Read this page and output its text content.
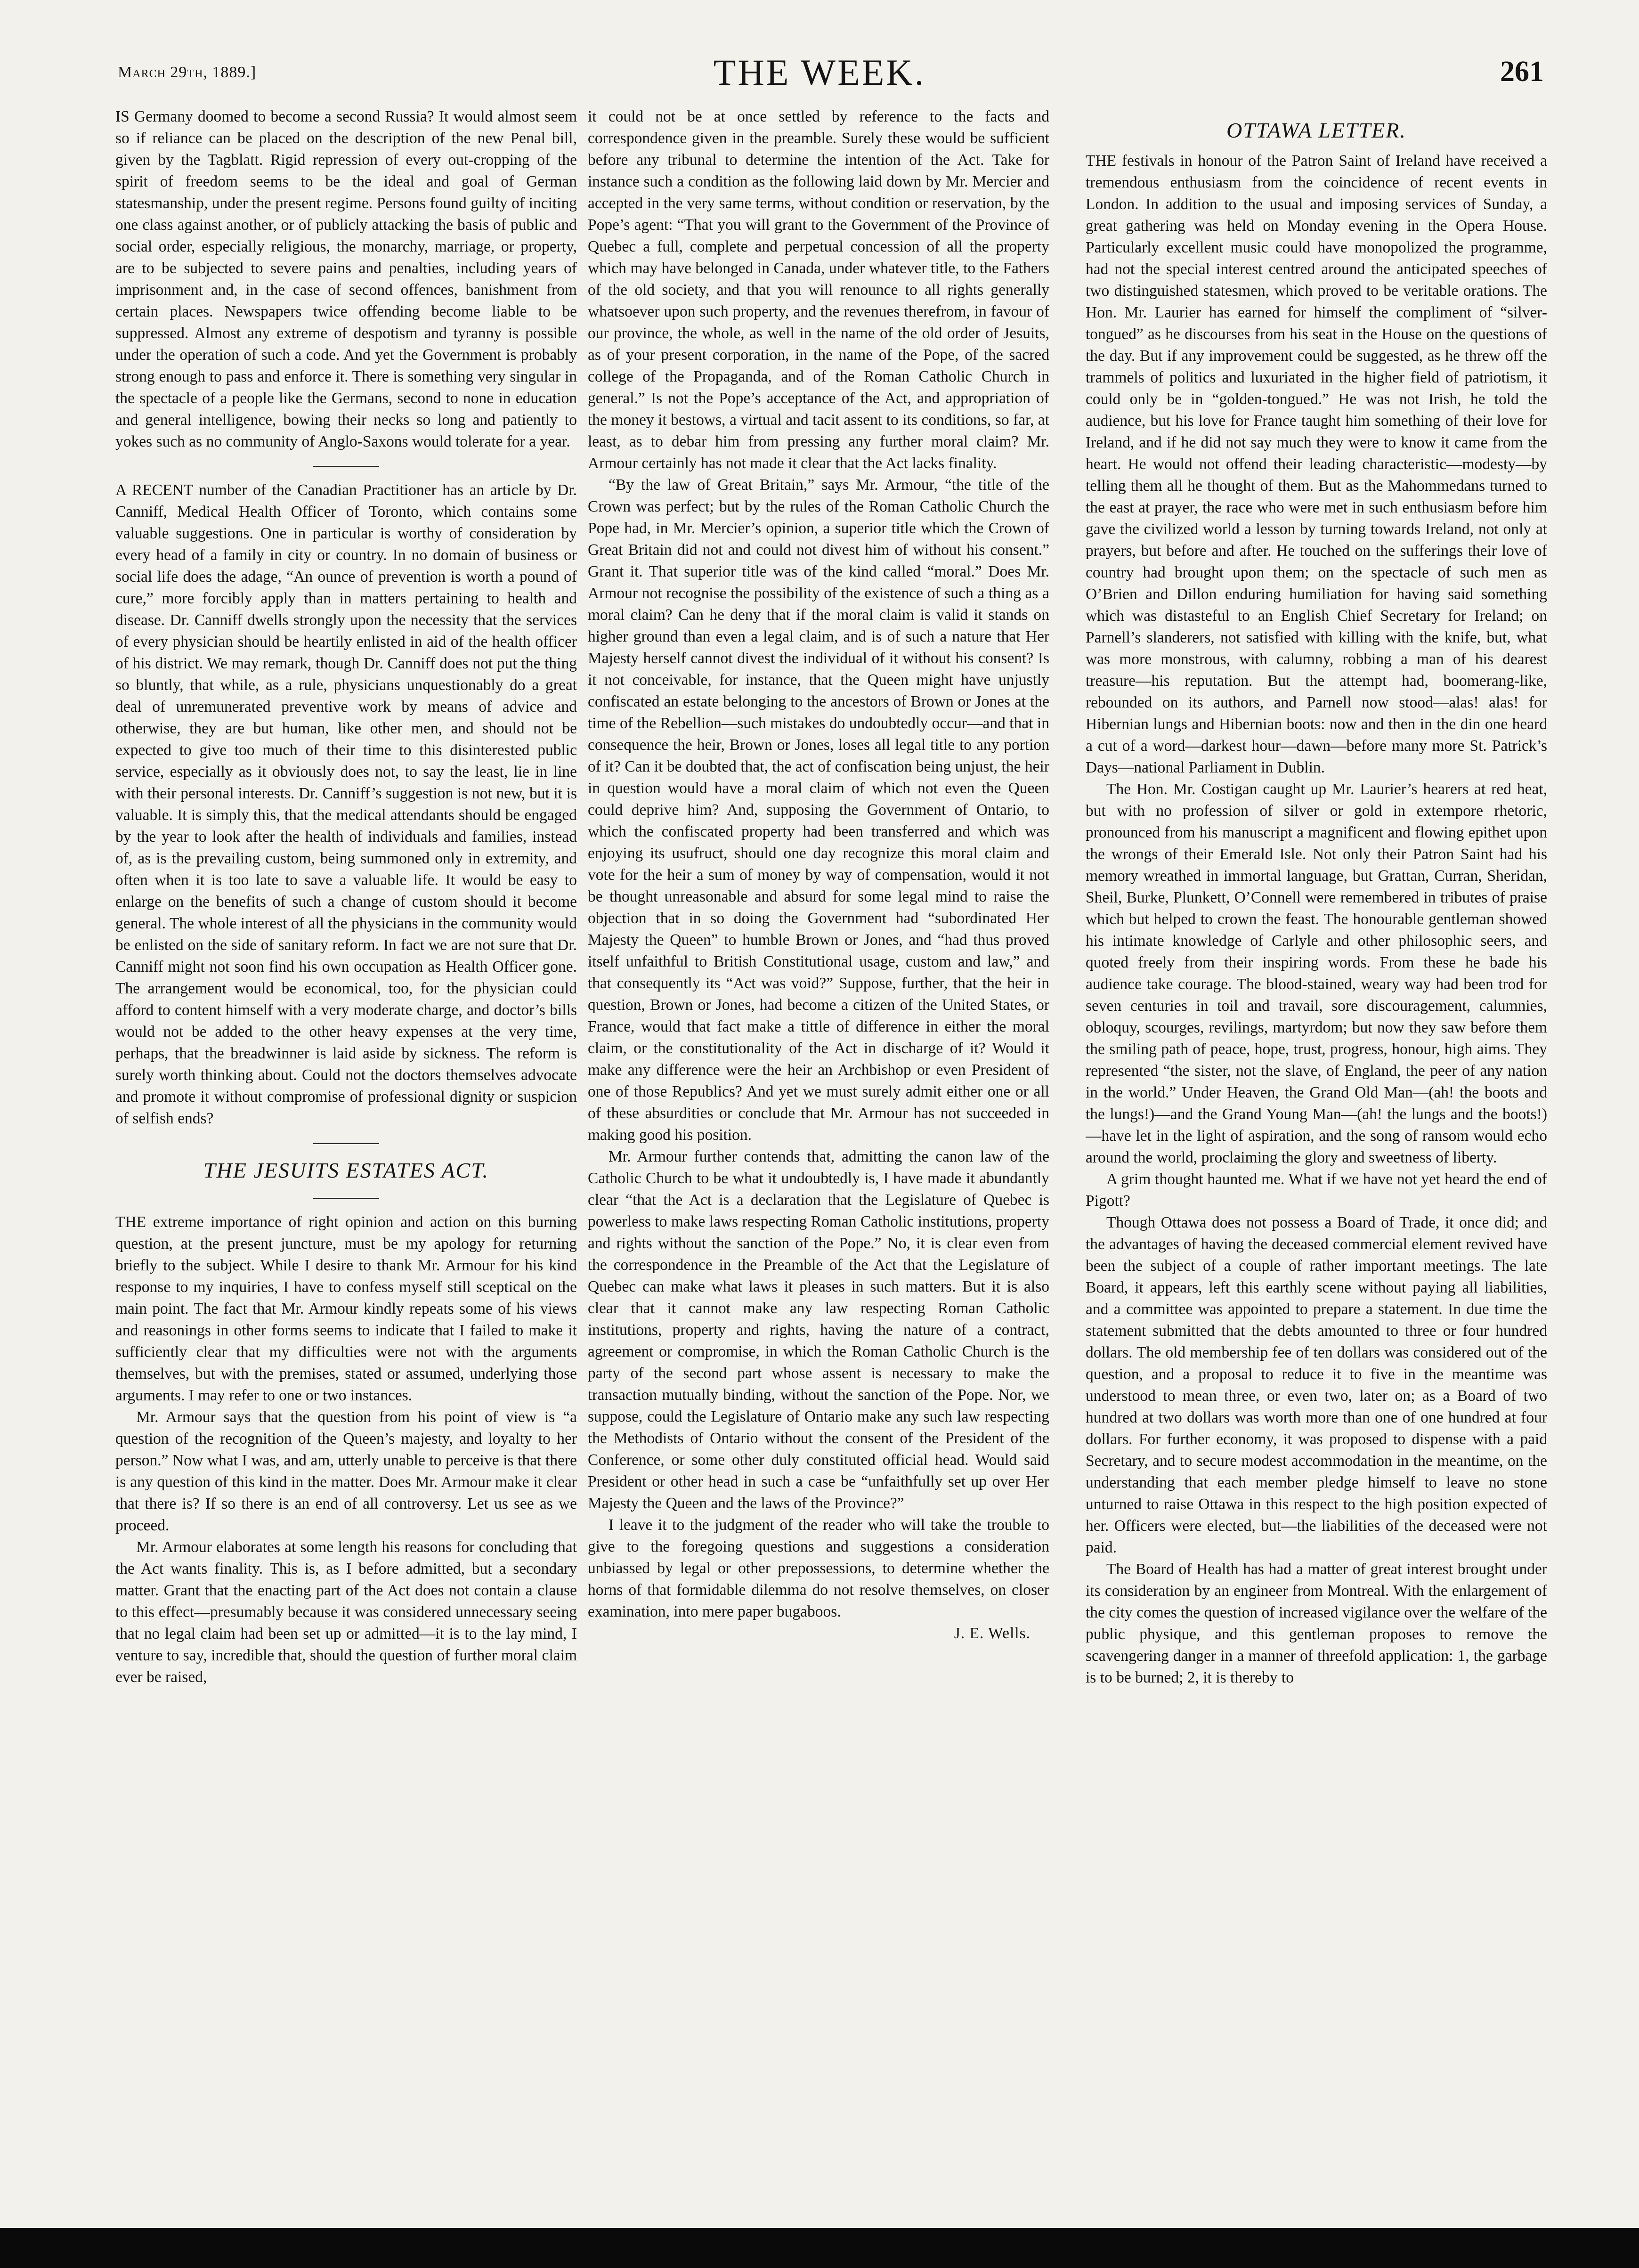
March 29th, 1889.]	THE WEEK.	261

IS Germany doomed to become a second Russia? It would almost seem so if reliance can be placed on the description of the new Penal bill, given by the Tagblatt. Rigid repression of every out-cropping of the spirit of freedom seems to be the ideal and goal of German statesmanship, under the present regime. Persons found guilty of inciting one class against another, or of publicly attacking the basis of public and social order, especially religious, the monarchy, marriage, or property, are to be subjected to severe pains and penalties, including years of imprisonment and, in the case of second offences, banishment from certain places. Newspapers twice offending become liable to be suppressed. Almost any extreme of despotism and tyranny is possible under the operation of such a code. And yet the Government is probably strong enough to pass and enforce it. There is something very singular in the spectacle of a people like the Germans, second to none in education and general intelligence, bowing their necks so long and patiently to yokes such as no community of Anglo-Saxons would tolerate for a year.

A RECENT number of the Canadian Practitioner has an article by Dr. Canniff, Medical Health Officer of Toronto, which contains some valuable suggestions. One in particular is worthy of consideration by every head of a family in city or country. In no domain of business or social life does the adage, “An ounce of prevention is worth a pound of cure,” more forcibly apply than in matters pertaining to health and disease. Dr. Canniff dwells strongly upon the necessity that the services of every physician should be heartily enlisted in aid of the health officer of his district. We may remark, though Dr. Canniff does not put the thing so bluntly, that while, as a rule, physicians unquestionably do a great deal of unremunerated preventive work by means of advice and otherwise, they are but human, like other men, and should not be expected to give too much of their time to this disinterested public service, especially as it obviously does not, to say the least, lie in line with their personal interests. Dr. Canniff’s suggestion is not new, but it is valuable. It is simply this, that the medical attendants should be engaged by the year to look after the health of individuals and families, instead of, as is the prevailing custom, being summoned only in extremity, and often when it is too late to save a valuable life. It would be easy to enlarge on the benefits of such a change of custom should it become general. The whole interest of all the physicians in the community would be enlisted on the side of sanitary reform. In fact we are not sure that Dr. Canniff might not soon find his own occupation as Health Officer gone. The arrangement would be economical, too, for the physician could afford to content himself with a very moderate charge, and doctor’s bills would not be added to the other heavy expenses at the very time, perhaps, that the breadwinner is laid aside by sickness. The reform is surely worth thinking about. Could not the doctors themselves advocate and promote it without compromise of professional dignity or suspicion of selfish ends?

THE JESUITS ESTATES ACT.

THE extreme importance of right opinion and action on this burning question, at the present juncture, must be my apology for returning briefly to the subject. While I desire to thank Mr. Armour for his kind response to my inquiries, I have to confess myself still sceptical on the main point. The fact that Mr. Armour kindly repeats some of his views and reasonings in other forms seems to indicate that I failed to make it sufficiently clear that my difficulties were not with the arguments themselves, but with the premises, stated or assumed, underlying those arguments. I may refer to one or two instances.

Mr. Armour says that the question from his point of view is “a question of the recognition of the Queen’s majesty, and loyalty to her person.” Now what I was, and am, utterly unable to perceive is that there is any question of this kind in the matter. Does Mr. Armour make it clear that there is? If so there is an end of all controversy. Let us see as we proceed.

Mr. Armour elaborates at some length his reasons for concluding that the Act wants finality. This is, as I before admitted, but a secondary matter. Grant that the enacting part of the Act does not contain a clause to this effect—presumably because it was considered unnecessary seeing that no legal claim had been set up or admitted—it is to the lay mind, I venture to say, incredible that, should the question of further moral claim ever be raised,

it could not be at once settled by reference to the facts and correspondence given in the preamble. Surely these would be sufficient before any tribunal to determine the intention of the Act. Take for instance such a condition as the following laid down by Mr. Mercier and accepted in the very same terms, without condition or reservation, by the Pope’s agent: “That you will grant to the Government of the Province of Quebec a full, complete and perpetual concession of all the property which may have belonged in Canada, under whatever title, to the Fathers of the old society, and that you will renounce to all rights generally whatsoever upon such property, and the revenues therefrom, in favour of our province, the whole, as well in the name of the old order of Jesuits, as of your present corporation, in the name of the Pope, of the sacred college of the Propaganda, and of the Roman Catholic Church in general.” Is not the Pope’s acceptance of the Act, and appropriation of the money it bestows, a virtual and tacit assent to its conditions, so far, at least, as to debar him from pressing any further moral claim? Mr. Armour certainly has not made it clear that the Act lacks finality.

“By the law of Great Britain,” says Mr. Armour, “the title of the Crown was perfect; but by the rules of the Roman Catholic Church the Pope had, in Mr. Mercier’s opinion, a superior title which the Crown of Great Britain did not and could not divest him of without his consent.” Grant it. That superior title was of the kind called “moral.” Does Mr. Armour not recognise the possibility of the existence of such a thing as a moral claim? Can he deny that if the moral claim is valid it stands on higher ground than even a legal claim, and is of such a nature that Her Majesty herself cannot divest the individual of it without his consent? Is it not conceivable, for instance, that the Queen might have unjustly confiscated an estate belonging to the ancestors of Brown or Jones at the time of the Rebellion—such mistakes do undoubtedly occur—and that in consequence the heir, Brown or Jones, loses all legal title to any portion of it? Can it be doubted that, the act of confiscation being unjust, the heir in question would have a moral claim of which not even the Queen could deprive him? And, supposing the Government of Ontario, to which the confiscated property had been transferred and which was enjoying its usufruct, should one day recognize this moral claim and vote for the heir a sum of money by way of compensation, would it not be thought unreasonable and absurd for some legal mind to raise the objection that in so doing the Government had “subordinated Her Majesty the Queen” to humble Brown or Jones, and “had thus proved itself unfaithful to British Constitutional usage, custom and law,” and that consequently its “Act was void?” Suppose, further, that the heir in question, Brown or Jones, had become a citizen of the United States, or France, would that fact make a tittle of difference in either the moral claim, or the constitutionality of the Act in discharge of it? Would it make any difference were the heir an Archbishop or even President of one of those Republics? And yet we must surely admit either one or all of these absurdities or conclude that Mr. Armour has not succeeded in making good his position.

Mr. Armour further contends that, admitting the canon law of the Catholic Church to be what it undoubtedly is, I have made it abundantly clear “that the Act is a declaration that the Legislature of Quebec is powerless to make laws respecting Roman Catholic institutions, property and rights without the sanction of the Pope.” No, it is clear even from the correspondence in the Preamble of the Act that the Legislature of Quebec can make what laws it pleases in such matters. But it is also clear that it cannot make any law respecting Roman Catholic institutions, property and rights, having the nature of a contract, agreement or compromise, in which the Roman Catholic Church is the party of the second part whose assent is necessary to make the transaction mutually binding, without the sanction of the Pope. Nor, we suppose, could the Legislature of Ontario make any such law respecting the Methodists of Ontario without the consent of the President of the Conference, or some other duly constituted official head. Would said President or other head in such a case be “unfaithfully set up over Her Majesty the Queen and the laws of the Province?”

I leave it to the judgment of the reader who will take the trouble to give to the foregoing questions and suggestions a consideration unbiassed by legal or other prepossessions, to determine whether the horns of that formidable dilemma do not resolve themselves, on closer examination, into mere paper bugaboos.

J. E. Wells.
OTTAWA LETTER.

THE festivals in honour of the Patron Saint of Ireland have received a tremendous enthusiasm from the coincidence of recent events in London. In addition to the usual and imposing services of Sunday, a great gathering was held on Monday evening in the Opera House. Particularly excellent music could have monopolized the programme, had not the special interest centred around the anticipated speeches of two distinguished statesmen, which proved to be veritable orations. The Hon. Mr. Laurier has earned for himself the compliment of “silver-tongued” as he discourses from his seat in the House on the questions of the day. But if any improvement could be suggested, as he threw off the trammels of politics and luxuriated in the higher field of patriotism, it could only be in “golden-tongued.” He was not Irish, he told the audience, but his love for France taught him something of their love for Ireland, and if he did not say much they were to know it came from the heart. He would not offend their leading characteristic—modesty—by telling them all he thought of them. But as the Mahommedans turned to the east at prayer, the race who were met in such enthusiasm before him gave the civilized world a lesson by turning towards Ireland, not only at prayers, but before and after. He touched on the sufferings their love of country had brought upon them; on the spectacle of such men as O’Brien and Dillon enduring humiliation for having said something which was distasteful to an English Chief Secretary for Ireland; on Parnell’s slanderers, not satisfied with killing with the knife, but, what was more monstrous, with calumny, robbing a man of his dearest treasure—his reputation. But the attempt had, boomerang-like, rebounded on its authors, and Parnell now stood—alas! alas! for Hibernian lungs and Hibernian boots: now and then in the din one heard a cut of a word—darkest hour—dawn—before many more St. Patrick’s Days—national Parliament in Dublin.

The Hon. Mr. Costigan caught up Mr. Laurier’s hearers at red heat, but with no profession of silver or gold in extempore rhetoric, pronounced from his manuscript a magnificent and flowing epithet upon the wrongs of their Emerald Isle. Not only their Patron Saint had his memory wreathed in immortal language, but Grattan, Curran, Sheridan, Sheil, Burke, Plunkett, O’Connell were remembered in tributes of praise which but helped to crown the feast. The honourable gentleman showed his intimate knowledge of Carlyle and other philosophic seers, and quoted freely from their inspiring words. From these he bade his audience take courage. The blood-stained, weary way had been trod for seven centuries in toil and travail, sore discouragement, calumnies, obloquy, scourges, revilings, martyrdom; but now they saw before them the smiling path of peace, hope, trust, progress, honour, high aims. They represented “the sister, not the slave, of England, the peer of any nation in the world.” Under Heaven, the Grand Old Man—(ah! the boots and the lungs!)—and the Grand Young Man—(ah! the lungs and the boots!)—have let in the light of aspiration, and the song of ransom would echo around the world, proclaiming the glory and sweetness of liberty.

A grim thought haunted me. What if we have not yet heard the end of Pigott?

Though Ottawa does not possess a Board of Trade, it once did; and the advantages of having the deceased commercial element revived have been the subject of a couple of rather important meetings. The late Board, it appears, left this earthly scene without paying all liabilities, and a committee was appointed to prepare a statement. In due time the statement submitted that the debts amounted to three or four hundred dollars. The old membership fee of ten dollars was considered out of the question, and a proposal to reduce it to five in the meantime was understood to mean three, or even two, later on; as a Board of two hundred at two dollars was worth more than one of one hundred at four dollars. For further economy, it was proposed to dispense with a paid Secretary, and to secure modest accommodation in the meantime, on the understanding that each member pledge himself to leave no stone unturned to raise Ottawa in this respect to the high position expected of her. Officers were elected, but—the liabilities of the deceased were not paid.

The Board of Health has had a matter of great interest brought under its consideration by an engineer from Montreal. With the enlargement of the city comes the question of increased vigilance over the welfare of the public physique, and this gentleman proposes to remove the scavengering danger in a manner of threefold application: 1, the garbage is to be burned; 2, it is thereby to
